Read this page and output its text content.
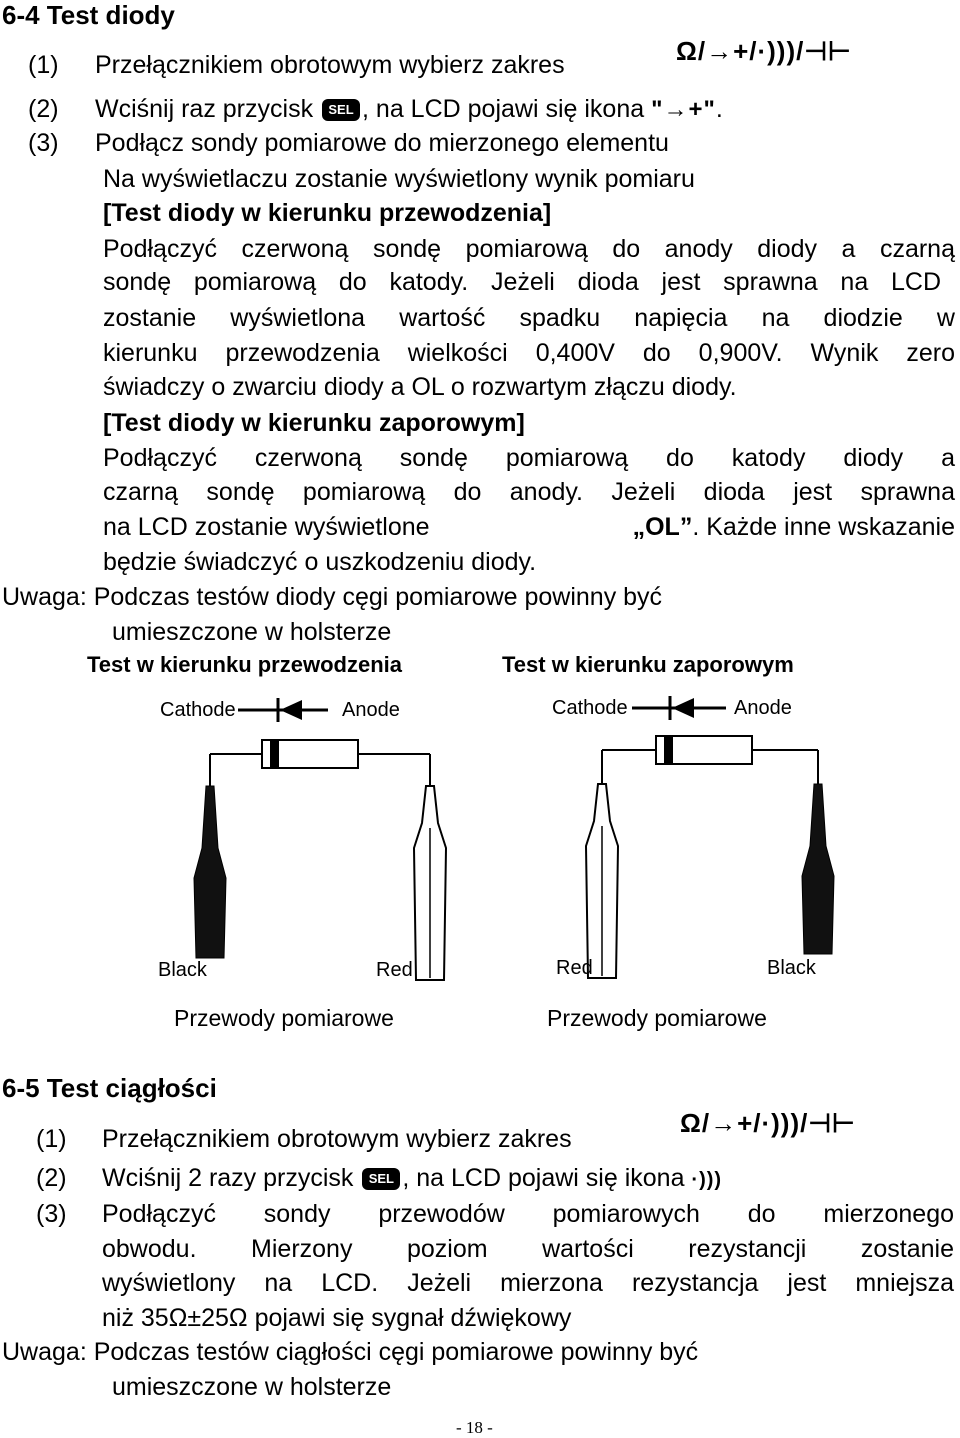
6-4 Test diody
(1) Przełącznikiem obrotowym wybierz zakres	Ω/→+/·)))/⊣⊢
(2) Wciśnij raz przycisk SEL , na LCD pojawi się ikona "→+".
(3) Podłącz sondy pomiarowe do mierzonego elementu
Na wyświetlaczu zostanie wyświetlony wynik pomiaru
[Test diody w kierunku przewodzenia]
Podłączyć czerwoną sondę pomiarową do anody diody a czarną
sondę pomiarową do katody. Jeżeli dioda jest sprawna na LCD
zostanie wyświetlona wartość spadku napięcia na diodzie w
kierunku przewodzenia wielkości 0,400V do 0,900V. Wynik zero
świadczy o zwarciu diody a OL o rozwartym złączu diody.
[Test diody w kierunku zaporowym]
Podłączyć czerwoną sondę pomiarową do katody diody a
czarną sondę pomiarową do anody. Jeżeli dioda jest sprawna
na LCD zostanie wyświetlone	„OL”. Każde inne wskazanie
będzie świadczyć o uszkodzeniu diody.
Uwaga: Podczas testów diody cęgi pomiarowe powinny być
umieszczone w holsterze
Test w kierunku przewodzenia	Test w kierunku zaporowym
Cathode	Anode
Black	Red
Cathode	Anode
Red	Black
Przewody pomiarowe	Przewody pomiarowe
6-5 Test ciągłości
(1) Przełącznikiem obrotowym wybierz zakres
Ω/→+/·)))/⊣⊢
(2) Wciśnij 2 razy przycisk SEL , na LCD pojawi się ikona ·)))
(3) Podłączyć sondy przewodów pomiarowych do mierzonego
obwodu. Mierzony poziom wartości rezystancji zostanie
wyświetlony na LCD. Jeżeli mierzona rezystancja jest mniejsza
niż 35Ω±25Ω pojawi się sygnał dźwiękowy
Uwaga: Podczas testów ciągłości cęgi pomiarowe powinny być
umieszczone w holsterze
- 18 -
